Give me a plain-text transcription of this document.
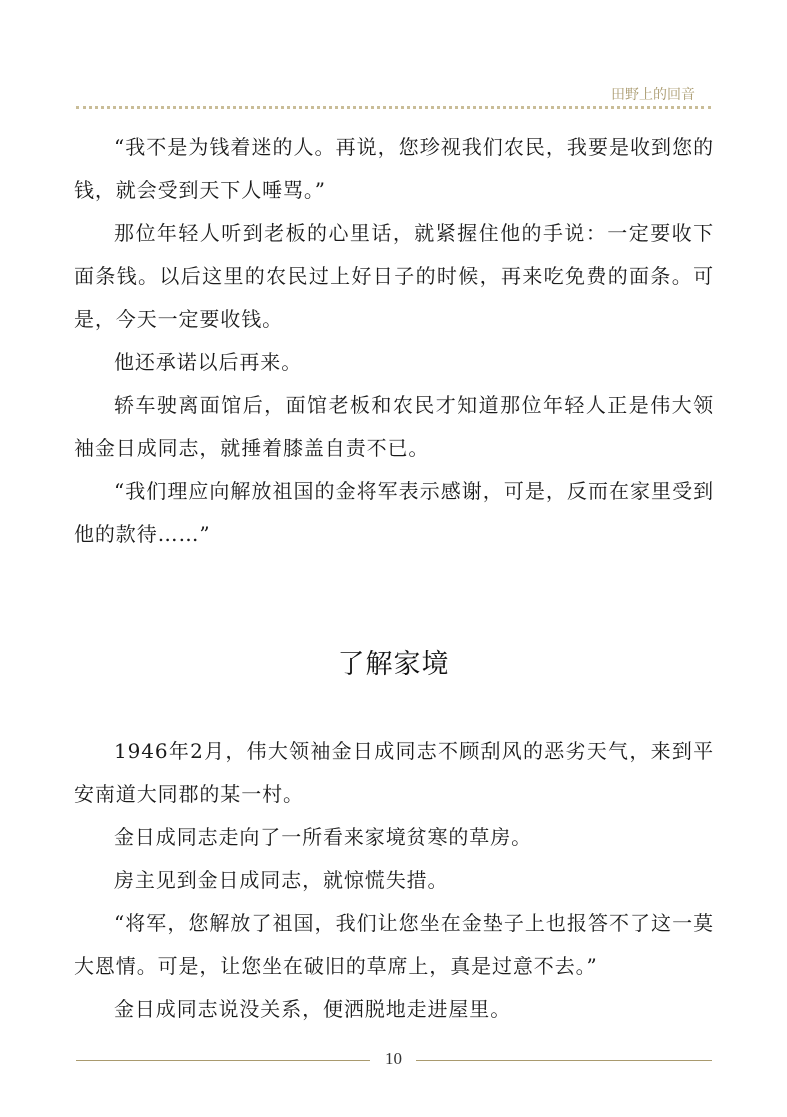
田野上的回音

“我不是为钱着迷的人。再说，您珍视我们农民，我要是收到您的钱，就会受到天下人唾骂。”

那位年轻人听到老板的心里话，就紧握住他的手说：一定要收下面条钱。以后这里的农民过上好日子的时候，再来吃免费的面条。可是，今天一定要收钱。

他还承诺以后再来。

轿车驶离面馆后，面馆老板和农民才知道那位年轻人正是伟大领袖金日成同志，就捶着膝盖自责不已。

“我们理应向解放祖国的金将军表示感谢，可是，反而在家里受到他的款待……”

了解家境

1946年2月，伟大领袖金日成同志不顾刮风的恶劣天气，来到平安南道大同郡的某一村。

金日成同志走向了一所看来家境贫寒的草房。

房主见到金日成同志，就惊慌失措。

“将军，您解放了祖国，我们让您坐在金垫子上也报答不了这一莫大恩情。可是，让您坐在破旧的草席上，真是过意不去。”

金日成同志说没关系，便洒脱地走进屋里。

10
